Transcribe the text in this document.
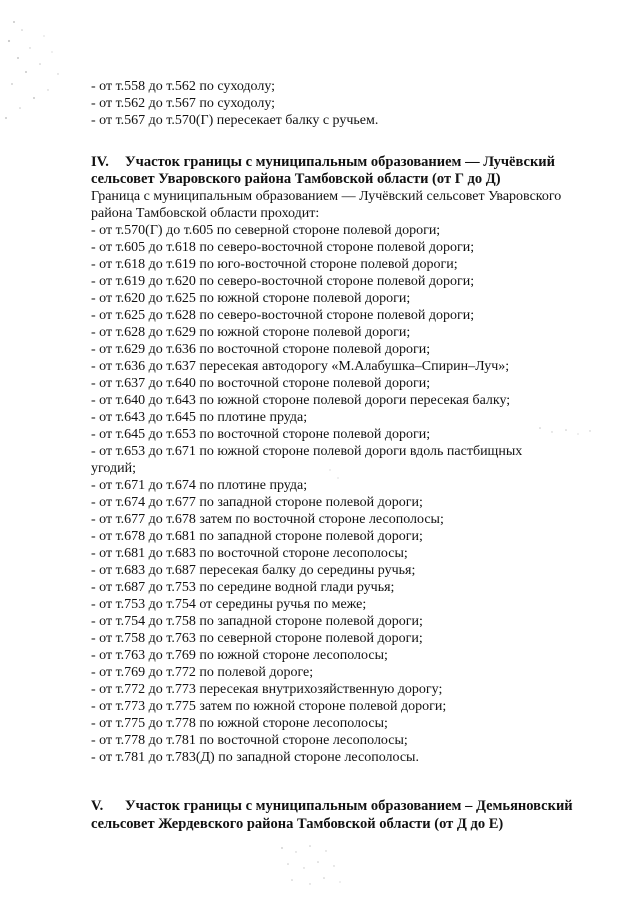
- от т.558 до т.562 по суходолу;
- от т.562 до т.567 по суходолу;
- от т.567 до т.570(Г) пересекает балку с ручьем.
IV. Участок границы с муниципальным образованием — Лучёвский
сельсовет Уваровского района Тамбовской области (от Г до Д)
Граница с муниципальным образованием — Лучёвский сельсовет Уваровского
района Тамбовской области проходит:
- от т.570(Г) до т.605 по северной стороне полевой дороги;
- от т.605 до т.618 по северо-восточной стороне полевой дороги;
- от т.618 до т.619 по юго-восточной стороне полевой дороги;
- от т.619 до т.620 по северо-восточной стороне полевой дороги;
- от т.620 до т.625 по южной стороне полевой дороги;
- от т.625 до т.628 по северо-восточной стороне полевой дороги;
- от т.628 до т.629 по южной стороне полевой дороги;
- от т.629 до т.636 по восточной стороне полевой дороги;
- от т.636 до т.637 пересекая автодорогу «М.Алабушка–Спирин–Луч»;
- от т.637 до т.640 по восточной стороне полевой дороги;
- от т.640 до т.643 по южной стороне полевой дороги пересекая балку;
- от т.643 до т.645 по плотине пруда;
- от т.645 до т.653 по восточной стороне полевой дороги;
- от т.653 до т.671 по южной стороне полевой дороги вдоль пастбищных
угодий;
- от т.671 до т.674 по плотине пруда;
- от т.674 до т.677 по западной стороне полевой дороги;
- от т.677 до т.678 затем по восточной стороне лесополосы;
- от т.678 до т.681 по западной стороне полевой дороги;
- от т.681 до т.683 по восточной стороне лесополосы;
- от т.683 до т.687 пересекая балку до середины ручья;
- от т.687 до т.753 по середине водной глади ручья;
- от т.753 до т.754 от середины ручья по меже;
- от т.754 до т.758 по западной стороне полевой дороги;
- от т.758 до т.763 по северной стороне полевой дороги;
- от т.763 до т.769 по южной стороне лесополосы;
- от т.769 до т.772 по полевой дороге;
- от т.772 до т.773 пересекая внутрихозяйственную дорогу;
- от т.773 до т.775 затем по южной стороне полевой дороги;
- от т.775 до т.778 по южной стороне лесополосы;
- от т.778 до т.781 по восточной стороне лесополосы;
- от т.781 до т.783(Д) по западной стороне лесополосы.
V. Участок границы с муниципальным образованием – Демьяновский
сельсовет Жердевского района Тамбовской области (от Д до Е)
